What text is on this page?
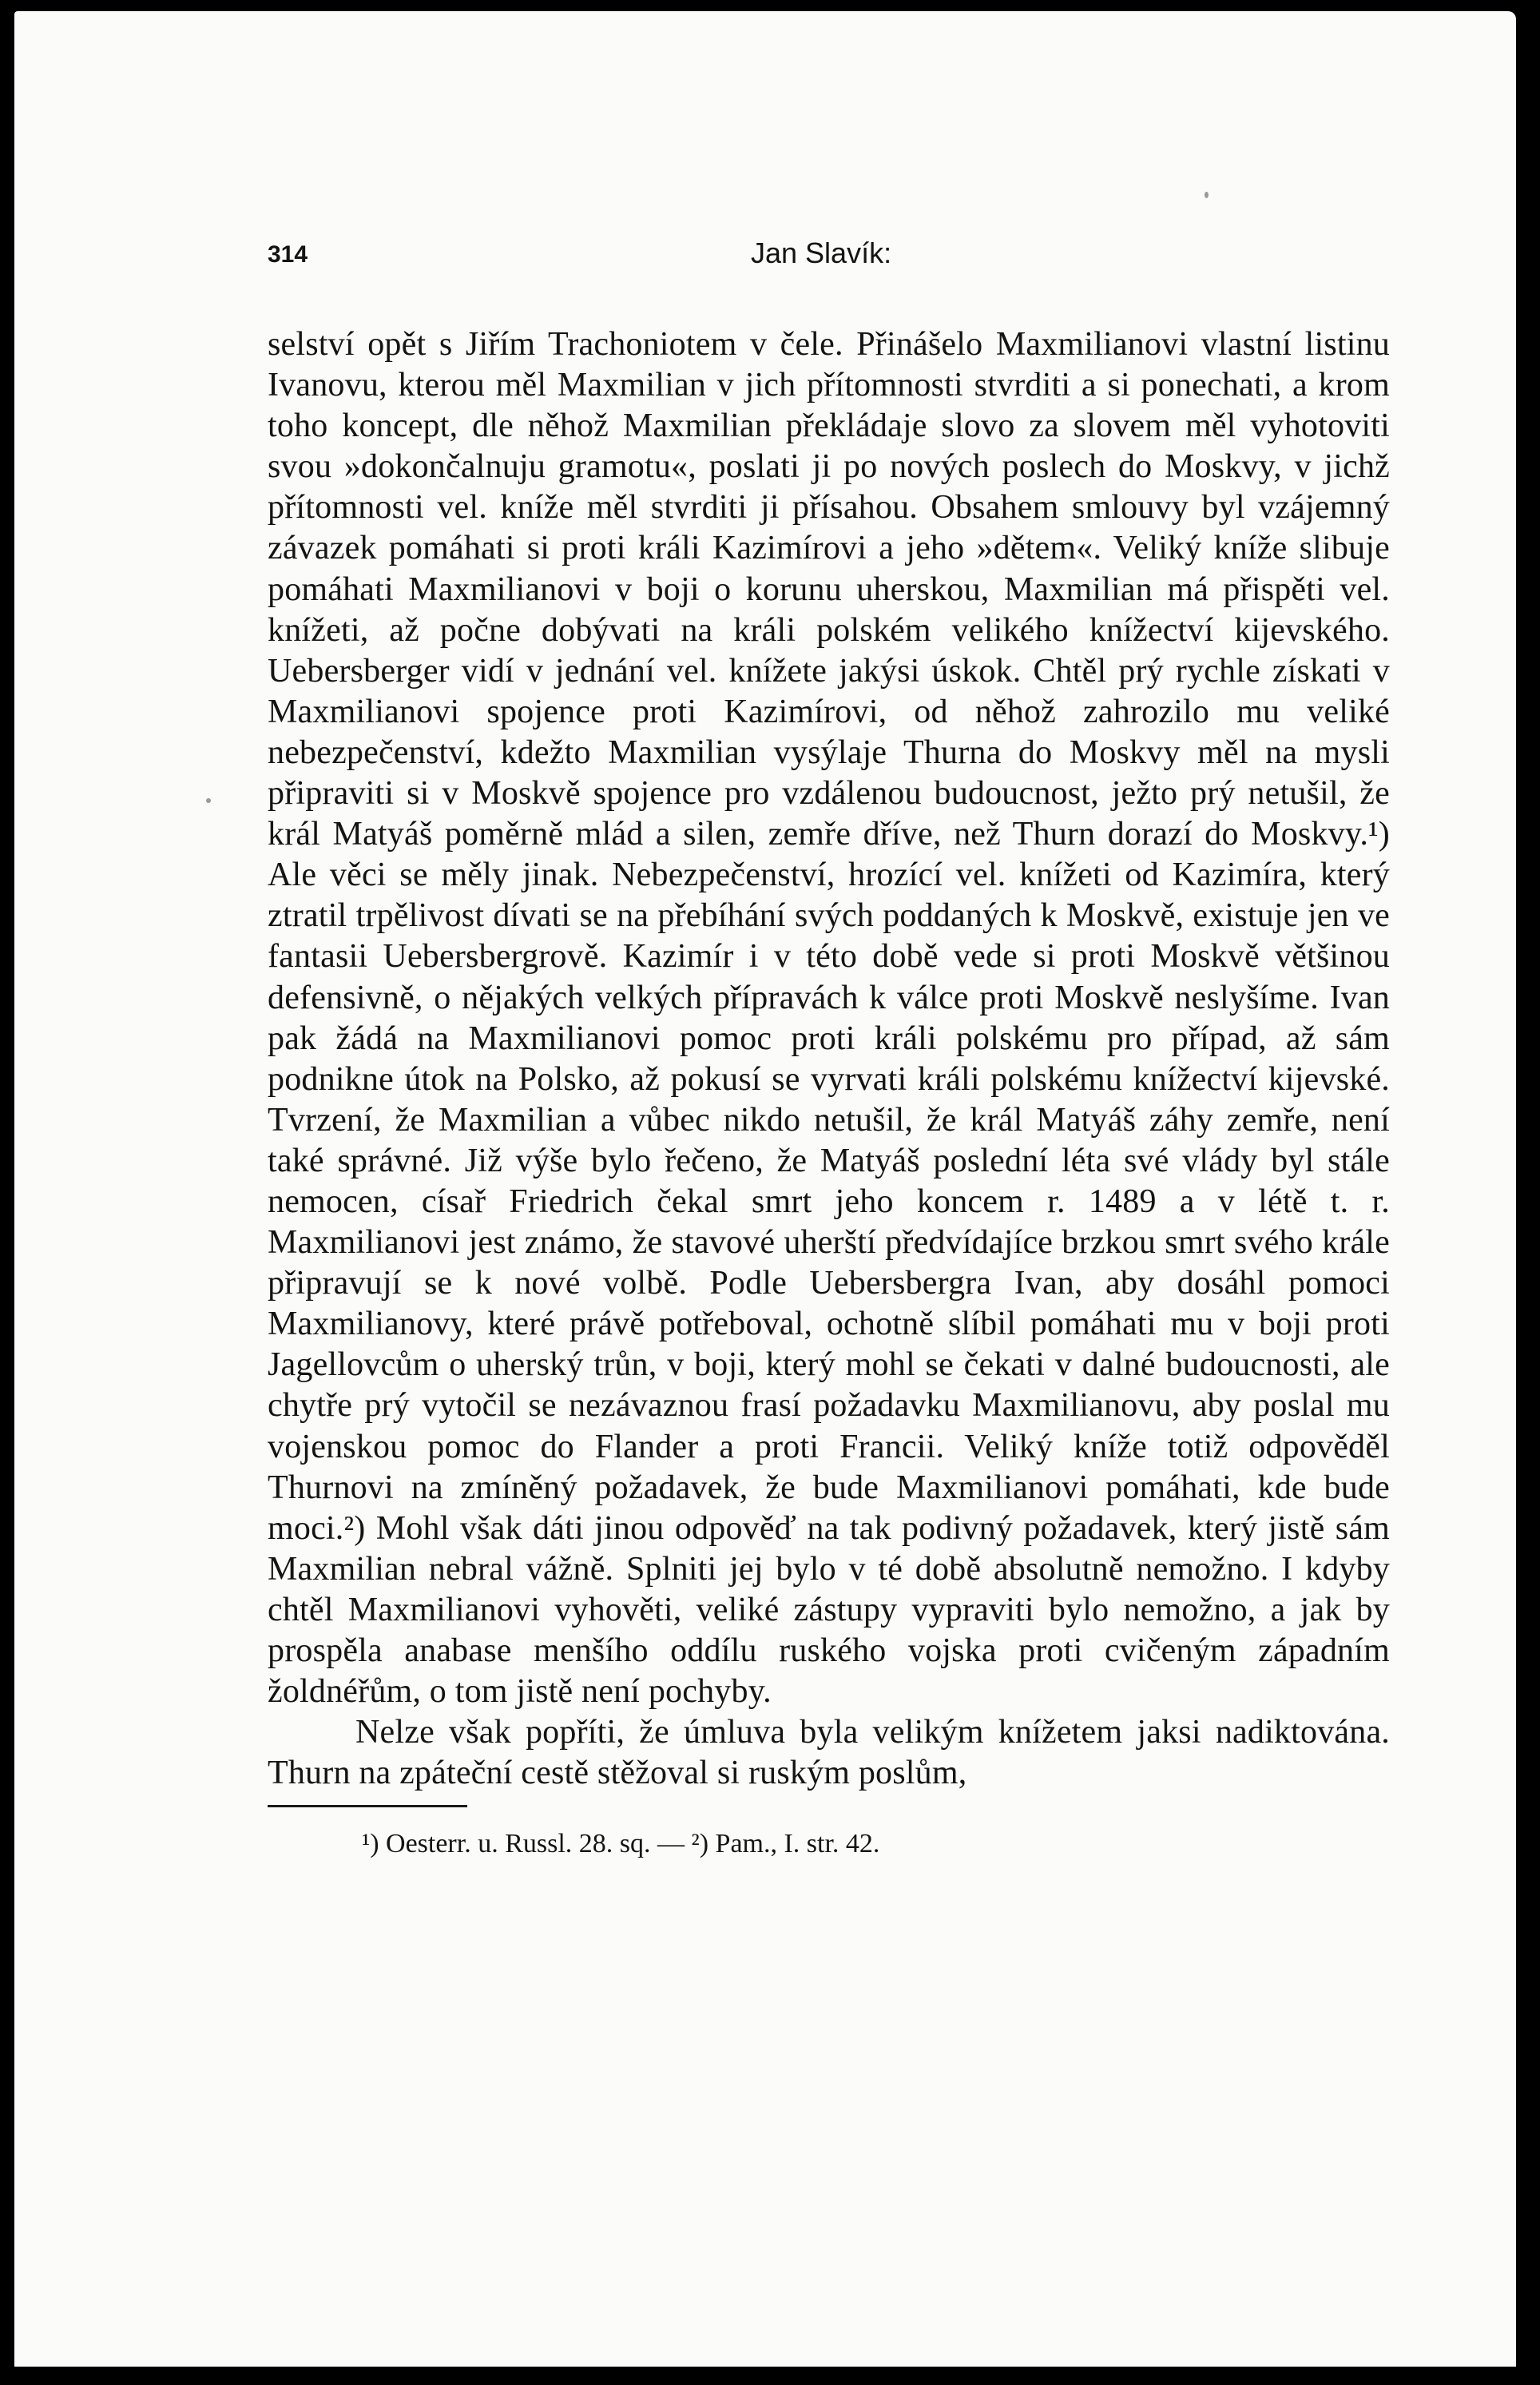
314	Jan Slavík:

selství opět s Jiřím Trachoniotem v čele. Přinášelo Maxmilianovi vlastní listinu Ivanovu, kterou měl Maxmilian v jich přítomnosti stvrditi a si ponechati, a krom toho koncept, dle něhož Maxmilian překládaje slovo za slovem měl vyhotoviti svou »dokončalnuju gramotu«, poslati ji po nových poslech do Moskvy, v jichž přítomnosti vel. kníže měl stvrditi ji přísahou. Obsahem smlouvy byl vzájemný závazek pomáhati si proti králi Kazimírovi a jeho »dětem«. Veliký kníže slibuje pomáhati Maxmilianovi v boji o korunu uherskou, Maxmilian má přispěti vel. knížeti, až počne dobývati na králi polském velikého knížectví kijevského. Uebersberger vidí v jednání vel. knížete jakýsi úskok. Chtěl prý rychle získati v Maxmilianovi spojence proti Kazimírovi, od něhož zahrozilo mu veliké nebezpečenství, kdežto Maxmilian vysýlaje Thurna do Moskvy měl na mysli připraviti si v Moskvě spojence pro vzdálenou budoucnost, ježto prý netušil, že král Matyáš poměrně mlád a silen, zemře dříve, než Thurn dorazí do Moskvy.¹) Ale věci se měly jinak. Nebezpečenství, hrozící vel. knížeti od Kazimíra, který ztratil trpělivost dívati se na přebíhání svých poddaných k Moskvě, existuje jen ve fantasii Uebersbergrově. Kazimír i v této době vede si proti Moskvě většinou defensivně, o nějakých velkých přípravách k válce proti Moskvě neslyšíme. Ivan pak žádá na Maxmilianovi pomoc proti králi polskému pro případ, až sám podnikne útok na Polsko, až pokusí se vyrvati králi polskému knížectví kijevské. Tvrzení, že Maxmilian a vůbec nikdo netušil, že král Matyáš záhy zemře, není také správné. Již výše bylo řečeno, že Matyáš poslední léta své vlády byl stále nemocen, císař Friedrich čekal smrt jeho koncem r. 1489 a v létě t. r. Maxmilianovi jest známo, že stavové uherští předvídajíce brzkou smrt svého krále připravují se k nové volbě. Podle Uebersbergra Ivan, aby dosáhl pomoci Maxmilianovy, které právě potřeboval, ochotně slíbil pomáhati mu v boji proti Jagellovcům o uherský trůn, v boji, který mohl se čekati v dalné budoucnosti, ale chytře prý vytočil se nezávaznou frasí požadavku Maxmilianovu, aby poslal mu vojenskou pomoc do Flander a proti Francii. Veliký kníže totiž odpověděl Thurnovi na zmíněný požadavek, že bude Maxmilianovi pomáhati, kde bude moci.²) Mohl však dáti jinou odpověď na tak podivný požadavek, který jistě sám Maxmilian nebral vážně. Splniti jej bylo v té době absolutně nemožno. I kdyby chtěl Maxmilianovi vyhověti, veliké zástupy vypraviti bylo nemožno, a jak by prospěla anabase menšího oddílu ruského vojska proti cvičeným západním žoldnéřům, o tom jistě není pochyby.

Nelze však popříti, že úmluva byla velikým knížetem jaksi nadiktována. Thurn na zpáteční cestě stěžoval si ruským poslům,

¹) Oesterr. u. Russl. 28. sq. — ²) Pam., I. str. 42.
